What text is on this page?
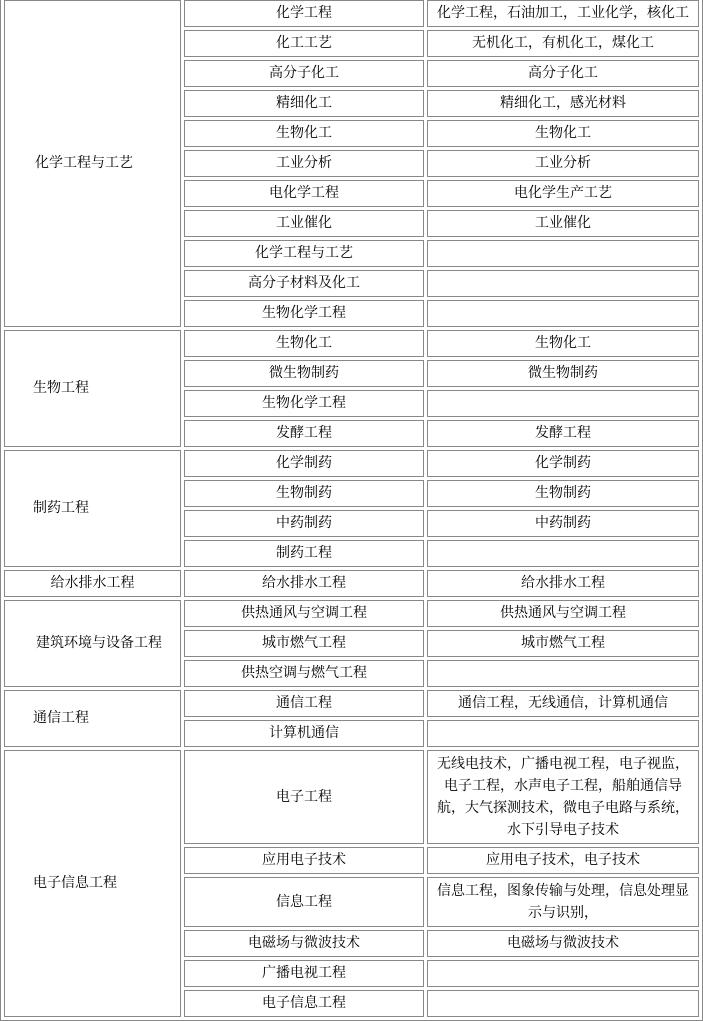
化学工程与工艺	化学工程	化学工程，石油加工，工业化学，核化工
	化工工艺	无机化工，有机化工，煤化工
	高分子化工	高分子化工
	精细化工	精细化工，感光材料
	生物化工	生物化工
	工业分析	工业分析
	电化学工程	电化学生产工艺
	工业催化	工业催化
	化学工程与工艺	
	高分子材料及化工	
	生物化学工程	
生物工程	生物化工	生物化工
	微生物制药	微生物制药
	生物化学工程	
	发酵工程	发酵工程
制药工程	化学制药	化学制药
	生物制药	生物制药
	中药制药	中药制药
	制药工程	
给水排水工程	给水排水工程	给水排水工程
建筑环境与设备工程	供热通风与空调工程	供热通风与空调工程
	城市燃气工程	城市燃气工程
	供热空调与燃气工程	
通信工程	通信工程	通信工程，无线通信，计算机通信
	计算机通信	
电子信息工程	电子工程	无线电技术，广播电视工程，电子视监，电子工程，水声电子工程，船舶通信导航，大气探测技术，微电子电路与系统，水下引导电子技术
	应用电子技术	应用电子技术，电子技术
	信息工程	信息工程，图象传输与处理，信息处理显示与识别，
	电磁场与微波技术	电磁场与微波技术
	广播电视工程	
	电子信息工程	
